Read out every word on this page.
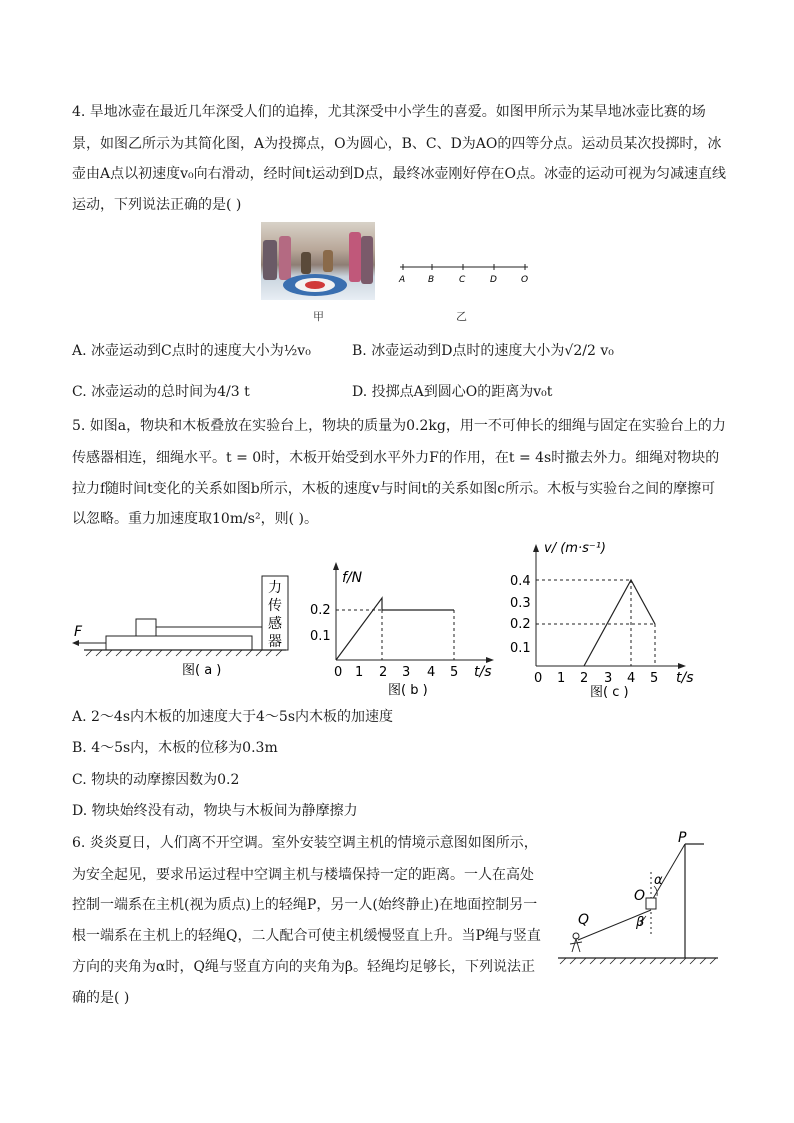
4. 旱地冰壶在最近几年深受人们的追捧，尤其深受中小学生的喜爱。如图甲所示为某旱地冰壶比赛的场
景，如图乙所示为其简化图，A为投掷点，O为圆心，B、C、D为AO的四等分点。运动员某次投掷时，冰
壶由A点以初速度v₀向右滑动，经时间t运动到D点，最终冰壶刚好停在O点。冰壶的运动可视为匀减速直线
运动，下列说法正确的是( )
甲
A	B	C	D	O
乙
A. 冰壶运动到C点时的速度大小为½v₀	B. 冰壶运动到D点时的速度大小为√2/2 v₀
C. 冰壶运动的总时间为4/3 t	D. 投掷点A到圆心O的距离为v₀t
5. 如图a，物块和木板叠放在实验台上，物块的质量为0.2kg，用一不可伸长的细绳与固定在实验台上的力
传感器相连，细绳水平。t = 0时，木板开始受到水平外力F的作用，在t = 4s时撤去外力。细绳对物块的
拉力f随时间t变化的关系如图b所示，木板的速度v与时间t的关系如图c所示。木板与实验台之间的摩擦可
以忽略。重力加速度取10m/s²，则( )。
力
传
感
器
F
图( a )
f/N
t/s
0.2
0.1
0 1 2 3 4 5
图( b )
v/ (m·s⁻¹)
t/s
0.4
0.3
0.2
0.1
0 1 2 3 4 5
图( c )
A. 2～4s内木板的加速度大于4～5s内木板的加速度
B. 4～5s内，木板的位移为0.3m
C. 物块的动摩擦因数为0.2
D. 物块始终没有动，物块与木板间为静摩擦力
6. 炎炎夏日，人们离不开空调。室外安装空调主机的情境示意图如图所示，
为安全起见，要求吊运过程中空调主机与楼墙保持一定的距离。一人在高处
控制一端系在主机(视为质点)上的轻绳P，另一人(始终静止)在地面控制另一
根一端系在主机上的轻绳Q，二人配合可使主机缓慢竖直上升。当P绳与竖直
方向的夹角为α时，Q绳与竖直方向的夹角为β。轻绳均足够长，下列说法正
确的是( )
P
O
Q
α
β
